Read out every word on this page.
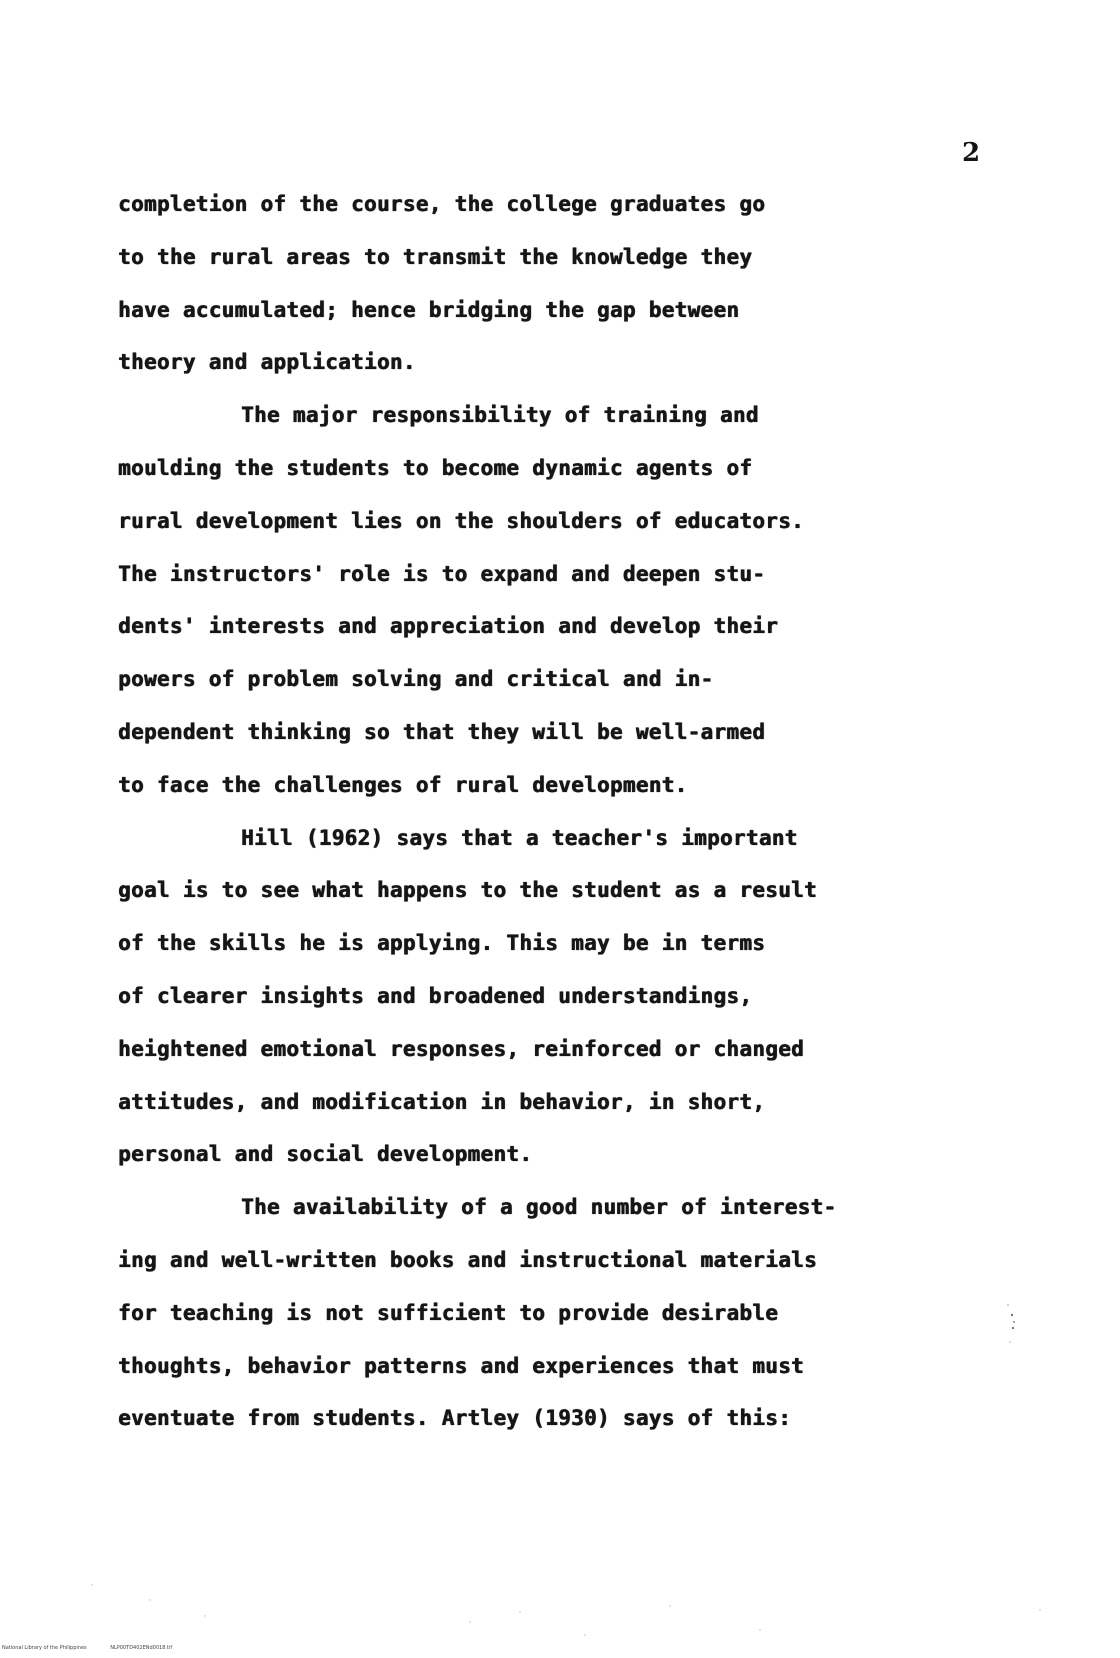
2
completion of the course, the college graduates go
to the rural areas to transmit the knowledge they
have accumulated; hence bridging the gap between
theory and application.
The major responsibility of training and
moulding the students to become dynamic agents of
rural development lies on the shoulders of educators.
The instructors' role is to expand and deepen stu-
dents' interests and appreciation and develop their
powers of problem solving and critical and in-
dependent thinking so that they will be well-armed
to face the challenges of rural development.
Hill (1962) says that a teacher's important
goal is to see what happens to the student as a result
of the skills he is applying. This may be in terms
of clearer insights and broadened understandings,
heightened emotional responses, reinforced or changed
attitudes, and modification in behavior, in short,
personal and social development.
The availability of a good number of interest-
ing and well-written books and instructional materials
for teaching is not sufficient to provide desirable
thoughts, behavior patterns and experiences that must
eventuate from students. Artley (1930) says of this:
National Library of the Philippines	NLP00TD402ENd0018.tif
